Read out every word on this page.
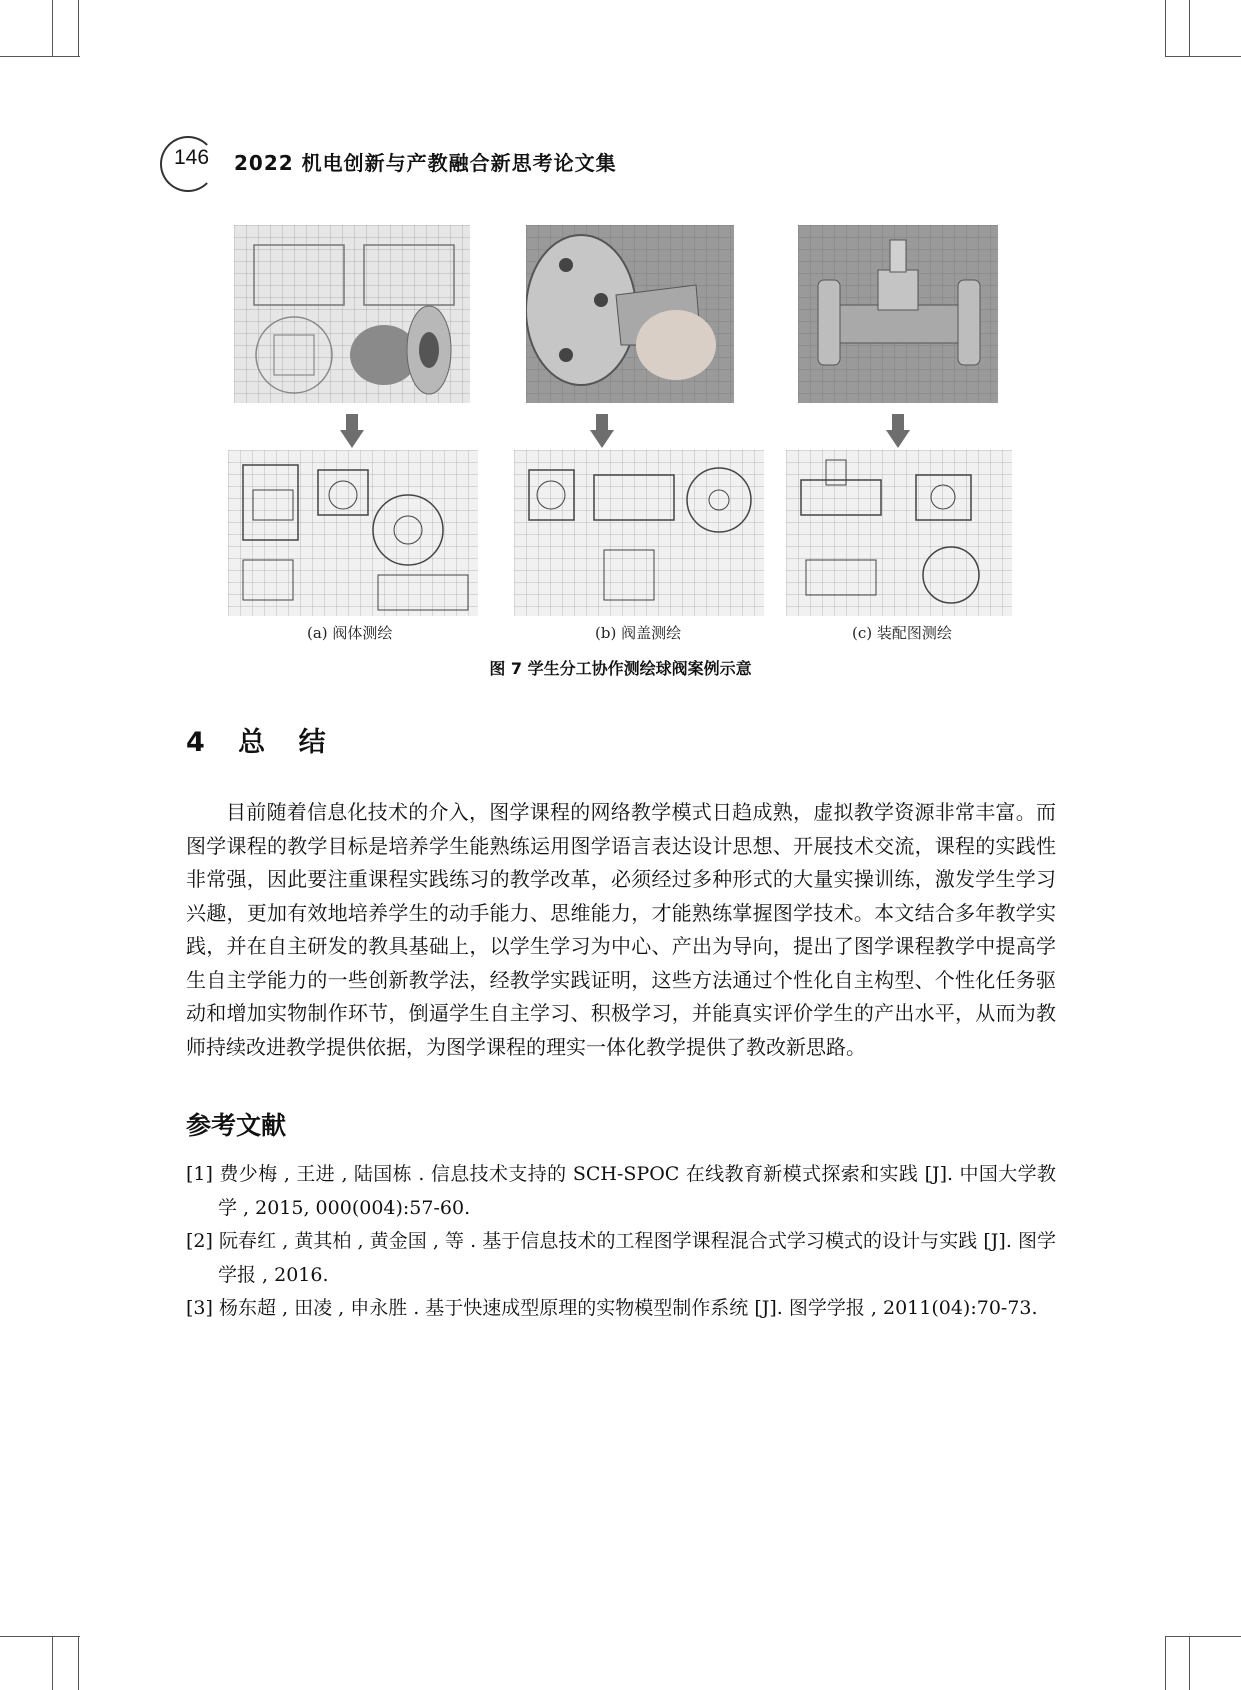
146 2022 机电创新与产教融合新思考论文集
(a) 阀体测绘	(b) 阀盖测绘	(c) 装配图测绘
图 7 学生分工协作测绘球阀案例示意
4 总 结

目前随着信息化技术的介入，图学课程的网络教学模式日趋成熟，虚拟教学资源非常丰富。而图学课程的教学目标是培养学生能熟练运用图学语言表达设计思想、开展技术交流，课程的实践性非常强，因此要注重课程实践练习的教学改革，必须经过多种形式的大量实操训练，激发学生学习兴趣，更加有效地培养学生的动手能力、思维能力，才能熟练掌握图学技术。本文结合多年教学实践，并在自主研发的教具基础上，以学生学习为中心、产出为导向，提出了图学课程教学中提高学生自主学能力的一些创新教学法，经教学实践证明，这些方法通过个性化自主构型、个性化任务驱动和增加实物制作环节，倒逼学生自主学习、积极学习，并能真实评价学生的产出水平，从而为教师持续改进教学提供依据，为图学课程的理实一体化教学提供了教改新思路。

参考文献
[1] 费少梅 , 王进 , 陆国栋 . 信息技术支持的 SCH-SPOC 在线教育新模式探索和实践 [J]. 中国大学教学 , 2015, 000(004):57-60.
[2] 阮春红 , 黄其柏 , 黄金国 , 等 . 基于信息技术的工程图学课程混合式学习模式的设计与实践 [J]. 图学学报 , 2016.
[3] 杨东超 , 田凌 , 申永胜 . 基于快速成型原理的实物模型制作系统 [J]. 图学学报 , 2011(04):70-73.
